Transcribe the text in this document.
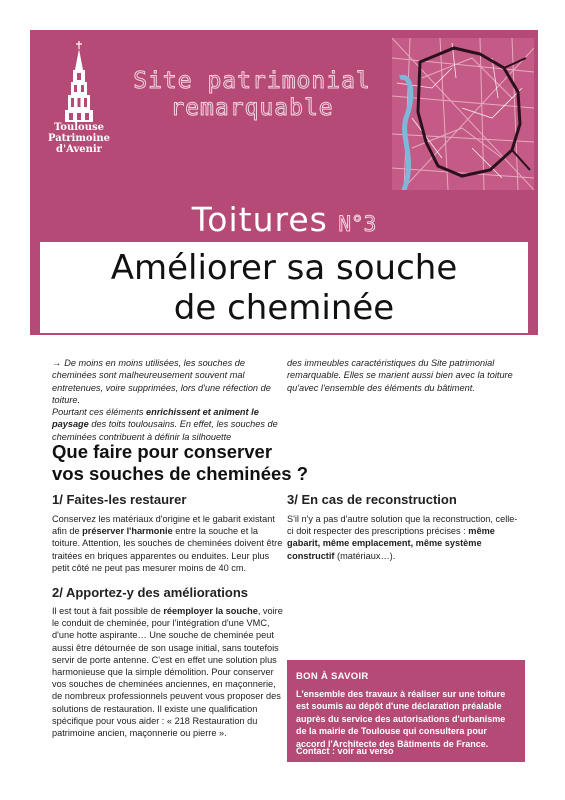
Toulouse
Patrimoine
d'Avenir
Site patrimonial
remarquable
Toitures N°3
Améliorer sa souche
de cheminée
→ De moins en moins utilisées, les souches de cheminées sont malheureusement souvent mal entretenues, voire supprimées, lors d'une réfection de toiture.
Pourtant ces éléments enrichissent et animent le paysage des toits toulousains. En effet, les souches de cheminées contribuent à définir la silhouette
des immeubles caractéristiques du Site patrimonial remarquable. Elles se marient aussi bien avec la toiture qu'avec l'ensemble des éléments du bâtiment.
Que faire pour conserver
vos souches de cheminées ?
1/ Faites-les restaurer
Conservez les matériaux d'origine et le gabarit existant afin de préserver l'harmonie entre la souche et la toiture. Attention, les souches de cheminées doivent être traitées en briques apparentes ou enduites. Leur plus petit côté ne peut pas mesurer moins de 40 cm.
3/ En cas de reconstruction
S'il n'y a pas d'autre solution que la reconstruction, celle-ci doit respecter des prescriptions précises : même gabarit, même emplacement, même système constructif (matériaux…).
2/ Apportez-y des améliorations
Il est tout à fait possible de réemployer la souche, voire le conduit de cheminée, pour l'intégration d'une VMC, d'une hotte aspirante… Une souche de cheminée peut aussi être détournée de son usage initial, sans toutefois servir de porte antenne. C'est en effet une solution plus harmonieuse que la simple démolition. Pour conserver vos souches de cheminées anciennes, en maçonnerie, de nombreux professionnels peuvent vous proposer des solutions de restauration. Il existe une qualification spécifique pour vous aider : « 218 Restauration du patrimoine ancien, maçonnerie ou pierre ».
BON À SAVOIR
L'ensemble des travaux à réaliser sur une toiture est soumis au dépôt d'une déclaration préalable auprès du service des autorisations d'urbanisme de la mairie de Toulouse qui consultera pour accord l'Architecte des Bâtiments de France.
Contact : voir au verso
